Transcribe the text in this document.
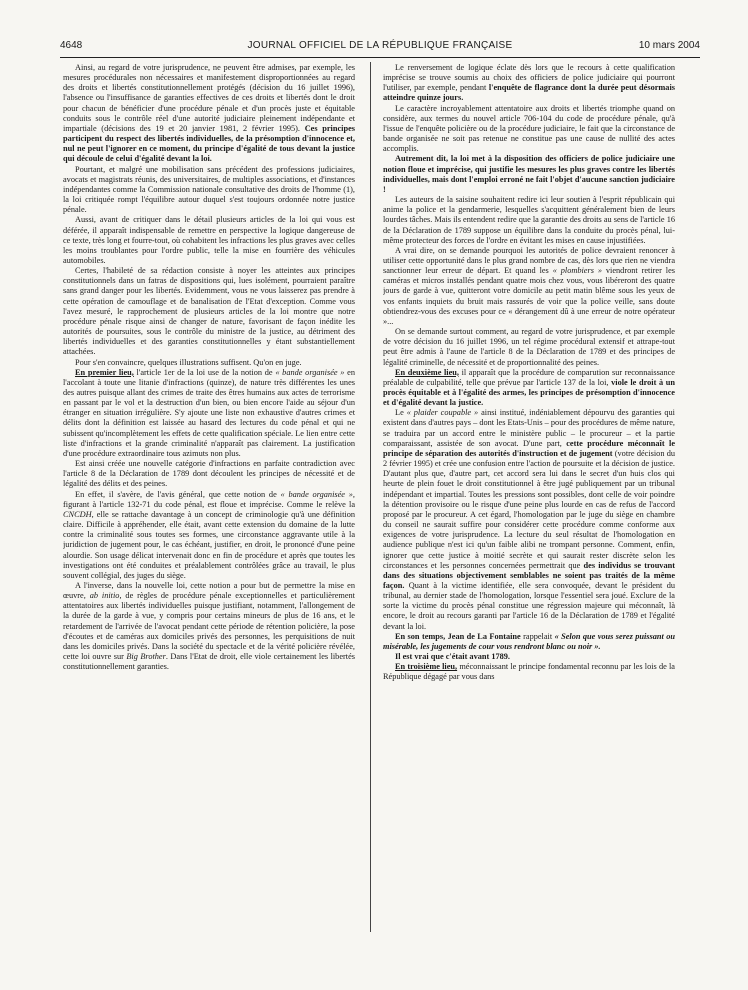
4648	JOURNAL OFFICIEL DE LA RÉPUBLIQUE FRANÇAISE	10 mars 2004

Ainsi, au regard de votre jurisprudence, ne peuvent être admises, par exemple, les mesures procédurales non nécessaires et manifestement disproportionnées au regard des droits et libertés constitutionnellement protégés (décision du 16 juillet 1996), l'absence ou l'insuffisance de garanties effectives de ces droits et libertés dont le droit pour chacun de bénéficier d'une procédure pénale et d'un procès juste et équitable conduits sous le contrôle réel d'une autorité judiciaire pleinement indépendante et impartiale (décisions des 19 et 20 janvier 1981, 2 février 1995). Ces principes participent du respect des libertés individuelles, de la présomption d'innocence et, nul ne peut l'ignorer en ce moment, du principe d'égalité de tous devant la justice qui découle de celui d'égalité devant la loi.

Pourtant, et malgré une mobilisation sans précédent des professions judiciaires, avocats et magistrats réunis, des universitaires, de multiples associations, et d'instances indépendantes comme la Commission nationale consultative des droits de l'homme (1), la loi critiquée rompt l'équilibre autour duquel s'est toujours ordonnée notre justice pénale.

Aussi, avant de critiquer dans le détail plusieurs articles de la loi qui vous est déférée, il apparaît indispensable de remettre en perspective la logique dangereuse de ce texte, très long et fourre-tout, où cohabitent les infractions les plus graves avec celles les moins troublantes pour l'ordre public, telle la mise en fourrière des véhicules automobiles.

Certes, l'habileté de sa rédaction consiste à noyer les atteintes aux principes constitutionnels dans un fatras de dispositions qui, lues isolément, pourraient paraître sans grand danger pour les libertés. Evidemment, vous ne vous laisserez pas prendre à cette opération de camouflage et de banalisation de l'Etat d'exception. Comme vous l'avez mesuré, le rapprochement de plusieurs articles de la loi montre que notre procédure pénale risque ainsi de changer de nature, favorisant de façon inédite les autorités de poursuites, sous le contrôle du ministre de la justice, au détriment des libertés individuelles et des garanties constitutionnelles y étant substantiellement attachées.

Pour s'en convaincre, quelques illustrations suffisent. Qu'on en juge.

En premier lieu, l'article 1er de la loi use de la notion de « bande organisée » en l'accolant à toute une litanie d'infractions (quinze), de nature très différentes les unes des autres puisque allant des crimes de traite des êtres humains aux actes de terrorisme en passant par le vol et la destruction d'un bien, ou bien encore l'aide au séjour d'un étranger en situation irrégulière. S'y ajoute une liste non exhaustive d'autres crimes et délits dont la définition est laissée au hasard des lectures du code pénal et qui ne subissent qu'incomplètement les effets de cette qualification spéciale. Le lien entre cette liste d'infractions et la grande criminalité n'apparaît pas clairement. La justification d'une procédure extraordinaire tous azimuts non plus.

Est ainsi créée une nouvelle catégorie d'infractions en parfaite contradiction avec l'article 8 de la Déclaration de 1789 dont découlent les principes de nécessité et de légalité des délits et des peines.

En effet, il s'avère, de l'avis général, que cette notion de « bande organisée », figurant à l'article 132-71 du code pénal, est floue et imprécise. Comme le relève la CNCDH, elle se rattache davantage à un concept de criminologie qu'à une définition claire. Difficile à appréhender, elle était, avant cette extension du domaine de la lutte contre la criminalité sous toutes ses formes, une circonstance aggravante utile à la juridiction de jugement pour, le cas échéant, justifier, en droit, le prononcé d'une peine alourdie. Son usage délicat intervenait donc en fin de procédure et après que toutes les investigations ont été conduites et préalablement contrôlées grâce au travail, le plus souvent collégial, des juges du siège.

A l'inverse, dans la nouvelle loi, cette notion a pour but de permettre la mise en œuvre, ab initio, de règles de procédure pénale exceptionnelles et particulièrement attentatoires aux libertés individuelles puisque justifiant, notamment, l'allongement de la durée de la garde à vue, y compris pour certains mineurs de plus de 16 ans, et le retardement de l'arrivée de l'avocat pendant cette période de rétention policière, la pose d'écoutes et de caméras aux domiciles privés des personnes, les perquisitions de nuit dans les domiciles privés. Dans la société du spectacle et de la vérité policière révélée, cette loi ouvre sur Big Brother. Dans l'Etat de droit, elle viole certainement les libertés constitutionnellement garanties.

Le renversement de logique éclate dès lors que le recours à cette qualification imprécise se trouve soumis au choix des officiers de police judiciaire qui pourront l'utiliser, par exemple, pendant l'enquête de flagrance dont la durée peut désormais atteindre quinze jours.

Le caractère incroyablement attentatoire aux droits et libertés triomphe quand on considère, aux termes du nouvel article 706-104 du code de procédure pénale, qu'à l'issue de l'enquête policière ou de la procédure judiciaire, le fait que la circonstance de bande organisée ne soit pas retenue ne constitue pas une cause de nullité des actes accomplis.

Autrement dit, la loi met à la disposition des officiers de police judiciaire une notion floue et imprécise, qui justifie les mesures les plus graves contre les libertés individuelles, mais dont l'emploi erroné ne fait l'objet d'aucune sanction judiciaire !

Les auteurs de la saisine souhaitent redire ici leur soutien à l'esprit républicain qui anime la police et la gendarmerie, lesquelles s'acquittent généralement bien de leurs lourdes tâches. Mais ils entendent redire que la garantie des droits au sens de l'article 16 de la Déclaration de 1789 suppose un équilibre dans la conduite du procès pénal, lui-même protecteur des forces de l'ordre en évitant les mises en cause injustifiées.

A vrai dire, on se demande pourquoi les autorités de police devraient renoncer à utiliser cette opportunité dans le plus grand nombre de cas, dès lors que rien ne viendra sanctionner leur erreur de départ. Et quand les « plombiers » viendront retirer les caméras et micros installés pendant quatre mois chez vous, vous libéreront des quatre jours de garde à vue, quitteront votre domicile au petit matin blême sous les yeux de vos enfants inquiets du bruit mais rassurés de voir que la police veille, sans doute obtiendrez-vous des excuses pour ce « dérangement dû à une erreur de notre opérateur »...

On se demande surtout comment, au regard de votre jurisprudence, et par exemple de votre décision du 16 juillet 1996, un tel régime procédural extensif et attrape-tout peut être admis à l'aune de l'article 8 de la Déclaration de 1789 et des principes de légalité criminelle, de nécessité et de proportionnalité des peines.

En deuxième lieu, il apparaît que la procédure de comparution sur reconnaissance préalable de culpabilité, telle que prévue par l'article 137 de la loi, viole le droit à un procès équitable et à l'égalité des armes, les principes de présomption d'innocence et d'égalité devant la justice.

Le « plaider coupable » ainsi institué, indéniablement dépourvu des garanties qui existent dans d'autres pays – dont les Etats-Unis – pour des procédures de même nature, se traduira par un accord entre le ministère public – le procureur – et la partie comparaissant, assistée de son avocat. D'une part, cette procédure méconnaît le principe de séparation des autorités d'instruction et de jugement (votre décision du 2 février 1995) et crée une confusion entre l'action de poursuite et la décision de justice. D'autant plus que, d'autre part, cet accord sera lui dans le secret d'un huis clos qui heurte de plein fouet le droit constitutionnel à être jugé publiquement par un tribunal indépendant et impartial. Toutes les pressions sont possibles, dont celle de voir poindre la détention provisoire ou le risque d'une peine plus lourde en cas de refus de l'accord proposé par le procureur. A cet égard, l'homologation par le juge du siège en chambre du conseil ne saurait suffire pour considérer cette procédure comme conforme aux exigences de votre jurisprudence. La lecture du seul résultat de l'homologation en audience publique n'est ici qu'un faible alibi ne trompant personne. Comment, enfin, ignorer que cette justice à moitié secrète et qui saurait rester discrète selon les circonstances et les personnes concernées permettrait que des individus se trouvant dans des situations objectivement semblables ne soient pas traités de la même façon. Quant à la victime identifiée, elle sera convoquée, devant le président du tribunal, au dernier stade de l'homologation, lorsque l'essentiel sera joué. Exclure de la sorte la victime du procès pénal constitue une régression majeure qui méconnaît, là encore, le droit au recours garanti par l'article 16 de la Déclaration de 1789 et l'égalité devant la loi.

En son temps, Jean de La Fontaine rappelait « Selon que vous serez puissant ou misérable, les jugements de cour vous rendront blanc ou noir ».

Il est vrai que c'était avant 1789.

En troisième lieu, méconnaissant le principe fondamental reconnu par les lois de la République dégagé par vous dans
